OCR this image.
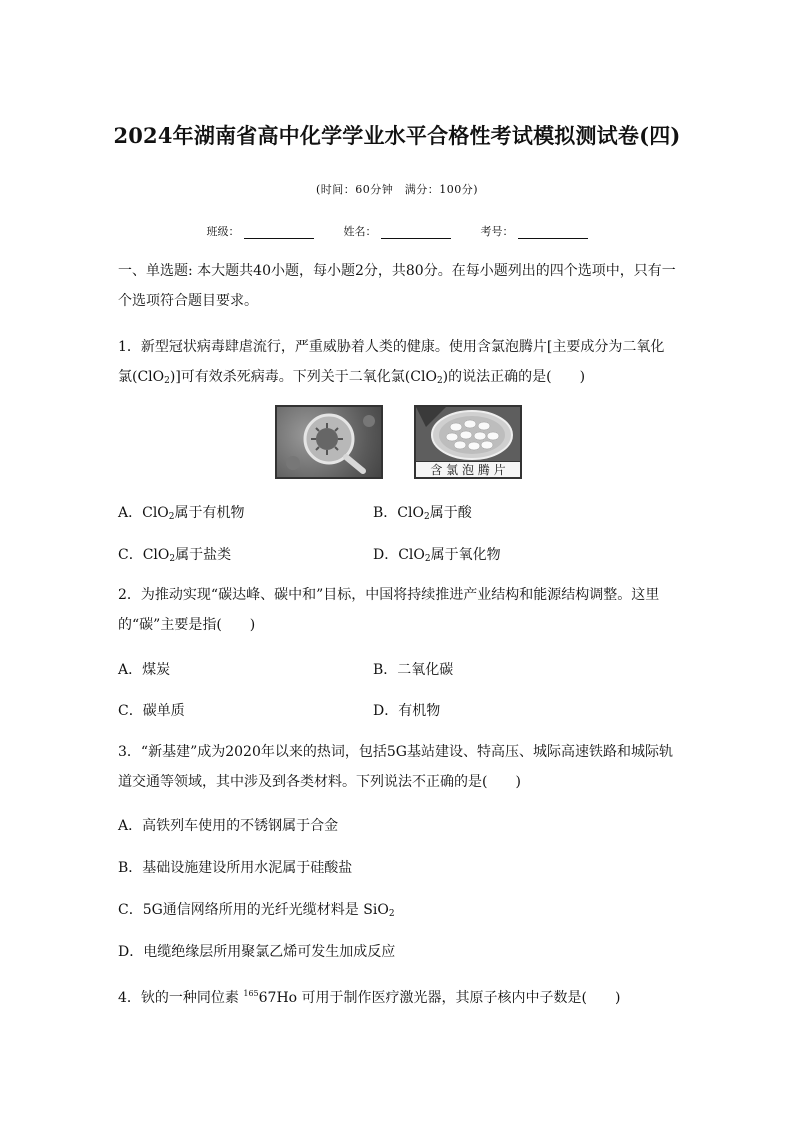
2024年湖南省高中化学学业水平合格性考试模拟测试卷(四)
(时间：60分钟　满分：100分)
班级：	姓名：	考号：
一、单选题: 本大题共40小题，每小题2分，共80分。在每小题列出的四个选项中，只有一个选项符合题目要求。
1．新型冠状病毒肆虐流行，严重威胁着人类的健康。使用含氯泡腾片[主要成分为二氧化氯(ClO$_2$)]可有效杀死病毒。下列关于二氧化氯(ClO$_2$)的说法正确的是(　　)
含 氯 泡 腾 片
A．ClO$_2$属于有机物	B．ClO$_2$属于酸
C．ClO$_2$属于盐类	D．ClO$_2$属于氧化物
2．为推动实现“碳达峰、碳中和”目标，中国将持续推进产业结构和能源结构调整。这里的“碳”主要是指(　　)
A．煤炭	B．二氧化碳
C．碳单质	D．有机物
3．“新基建”成为2020年以来的热词，包括5G基站建设、特高压、城际高速铁路和城际轨道交通等领域，其中涉及到各类材料。下列说法不正确的是(　　)
A．高铁列车使用的不锈钢属于合金
B．基础设施建设所用水泥属于硅酸盐
C．5G通信网络所用的光纤光缆材料是 SiO$_2$
D．电缆绝缘层所用聚氯乙烯可发生加成反应
4．钬的一种同位素 $^{165}$67Ho 可用于制作医疗激光器，其原子核内中子数是(　　)
